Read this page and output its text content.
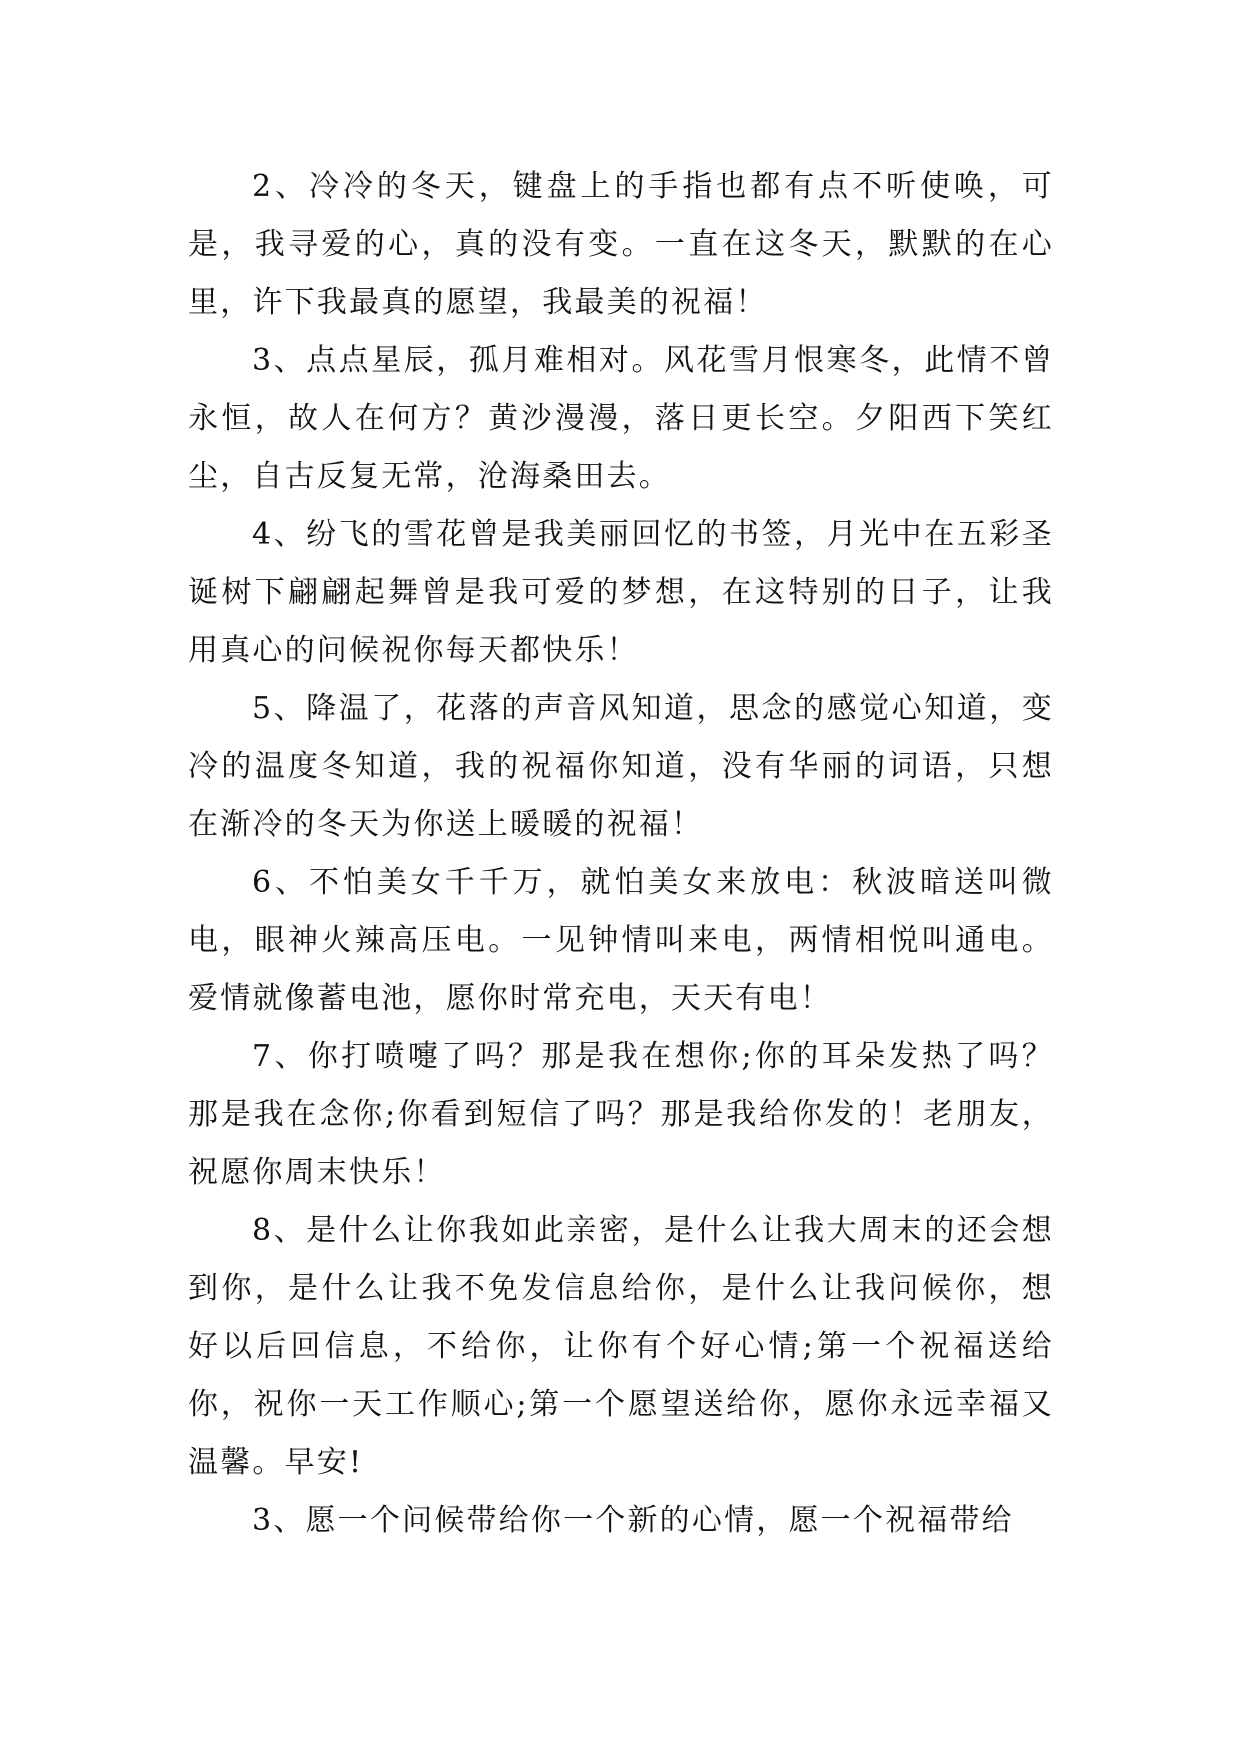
2、冷冷的冬天，键盘上的手指也都有点不听使唤，可是，我寻爱的心，真的没有变。一直在这冬天，默默的在心里，许下我最真的愿望，我最美的祝福！

3、点点星辰，孤月难相对。风花雪月恨寒冬，此情不曾永恒，故人在何方？黄沙漫漫，落日更长空。夕阳西下笑红尘，自古反复无常，沧海桑田去。

4、纷飞的雪花曾是我美丽回忆的书签，月光中在五彩圣诞树下翩翩起舞曾是我可爱的梦想，在这特别的日子，让我用真心的问候祝你每天都快乐！

5、降温了，花落的声音风知道，思念的感觉心知道，变冷的温度冬知道，我的祝福你知道，没有华丽的词语，只想在渐冷的冬天为你送上暖暖的祝福！

6、不怕美女千千万，就怕美女来放电：秋波暗送叫微电，眼神火辣高压电。一见钟情叫来电，两情相悦叫通电。爱情就像蓄电池，愿你时常充电，天天有电！

7、你打喷嚏了吗？那是我在想你;你的耳朵发热了吗？那是我在念你;你看到短信了吗？那是我给你发的！老朋友，祝愿你周末快乐！

8、是什么让你我如此亲密，是什么让我大周末的还会想到你，是什么让我不免发信息给你，是什么让我问候你，想好以后回信息，不给你，让你有个好心情;第一个祝福送给你，祝你一天工作顺心;第一个愿望送给你，愿你永远幸福又温馨。早安!

3、愿一个问候带给你一个新的心情，愿一个祝福带给
